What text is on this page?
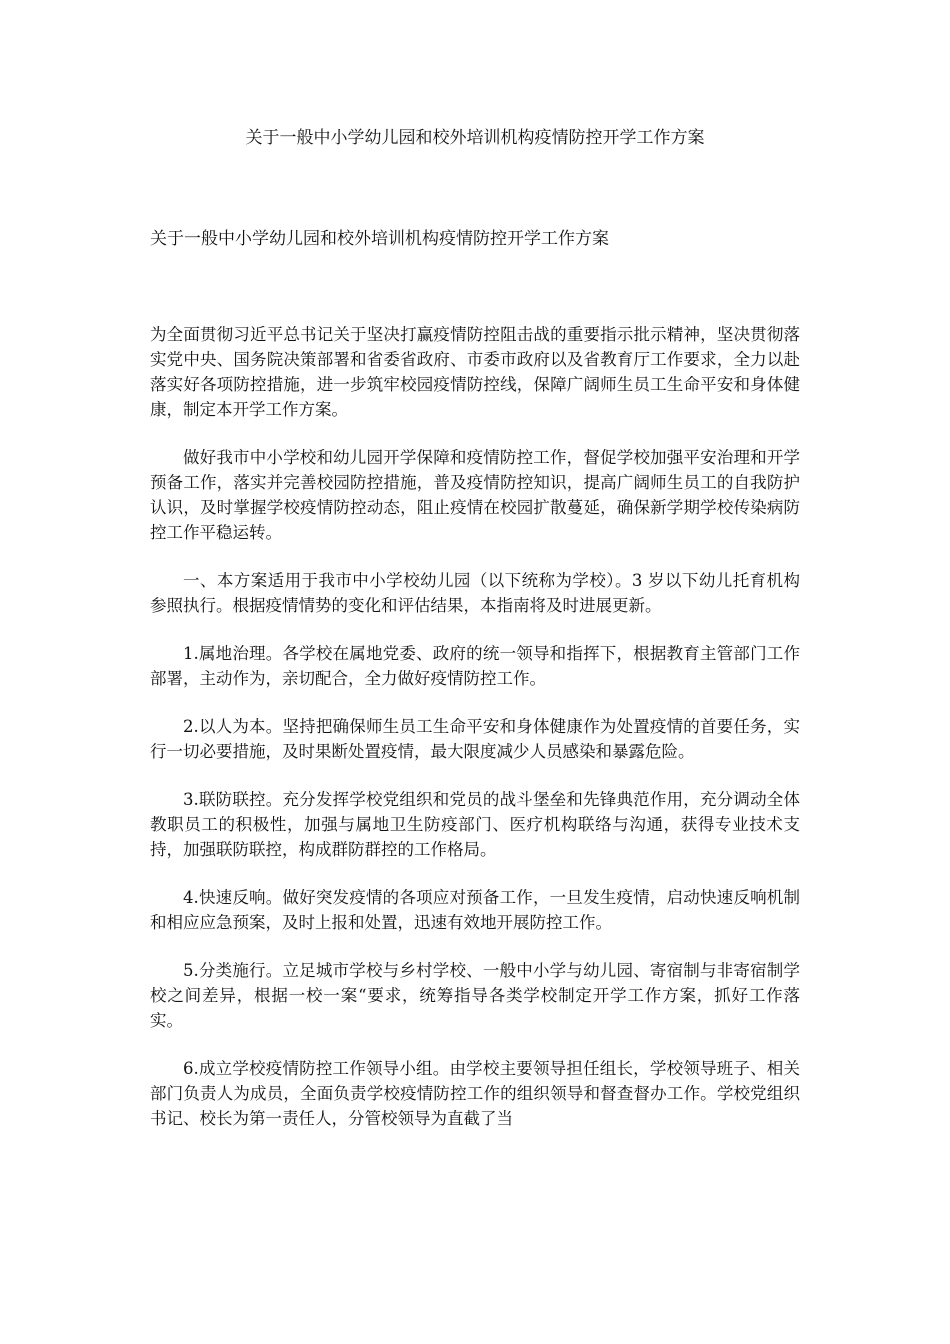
关于一般中小学幼儿园和校外培训机构疫情防控开学工作方案
关于一般中小学幼儿园和校外培训机构疫情防控开学工作方案

为全面贯彻习近平总书记关于坚决打赢疫情防控阻击战的重要指示批示精神，坚决贯彻落实党中央、国务院决策部署和省委省政府、市委市政府以及省教育厅工作要求，全力以赴落实好各项防控措施，进一步筑牢校园疫情防控线，保障广阔师生员工生命平安和身体健康，制定本开学工作方案。

做好我市中小学校和幼儿园开学保障和疫情防控工作，督促学校加强平安治理和开学预备工作，落实并完善校园防控措施，普及疫情防控知识，提高广阔师生员工的自我防护认识，及时掌握学校疫情防控动态，阻止疫情在校园扩散蔓延，确保新学期学校传染病防控工作平稳运转。

一、本方案适用于我市中小学校幼儿园（以下统称为学校）。3 岁以下幼儿托育机构参照执行。根据疫情情势的变化和评估结果，本指南将及时进展更新。

1.属地治理。各学校在属地党委、政府的统一领导和指挥下，根据教育主管部门工作部署，主动作为，亲切配合，全力做好疫情防控工作。

2.以人为本。坚持把确保师生员工生命平安和身体健康作为处置疫情的首要任务，实行一切必要措施，及时果断处置疫情，最大限度减少人员感染和暴露危险。

3.联防联控。充分发挥学校党组织和党员的战斗堡垒和先锋典范作用，充分调动全体教职员工的积极性，加强与属地卫生防疫部门、医疗机构联络与沟通，获得专业技术支持，加强联防联控，构成群防群控的工作格局。

4.快速反响。做好突发疫情的各项应对预备工作，一旦发生疫情，启动快速反响机制和相应应急预案，及时上报和处置，迅速有效地开展防控工作。

5.分类施行。立足城市学校与乡村学校、一般中小学与幼儿园、寄宿制与非寄宿制学校之间差异，根据一校一案“要求，统筹指导各类学校制定开学工作方案，抓好工作落实。

6.成立学校疫情防控工作领导小组。由学校主要领导担任组长，学校领导班子、相关部门负责人为成员，全面负责学校疫情防控工作的组织领导和督查督办工作。学校党组织书记、校长为第一责任人，分管校领导为直截了当
